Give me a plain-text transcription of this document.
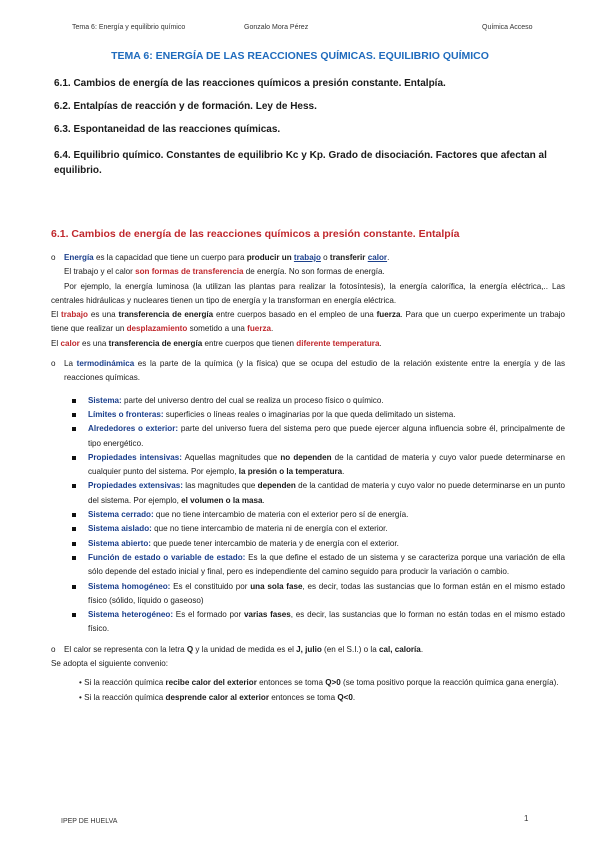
Tema 6: Energía y equilibrio químico	Gonzalo Mora Pérez	Química Acceso
TEMA 6: ENERGÍA DE LAS REACCIONES QUÍMICAS. EQUILIBRIO QUÍMICO
6.1. Cambios de energía de las reacciones químicos a presión constante. Entalpía.
6.2. Entalpías de reacción y de formación. Ley de Hess.
6.3. Espontaneidad de las reacciones químicas.
6.4. Equilibrio químico. Constantes de equilibrio Kc y Kp. Grado de disociación. Factores que afectan al equilibrio.
6.1. Cambios de energía de las reacciones químicos a presión constante. Entalpía

o Energía es la capacidad que tiene un cuerpo para producir un trabajo o transferir calor.

El trabajo y el calor son formas de transferencia de energía. No son formas de energía.

Por ejemplo, la energía luminosa (la utilizan las plantas para realizar la fotosíntesis), la energía calorífica, la energía eléctrica,.. Las centrales hidráulicas y nucleares tienen un tipo de energía y la transforman en energía eléctrica.

El trabajo es una transferencia de energía entre cuerpos basado en el empleo de una fuerza. Para que un cuerpo experimente un trabajo tiene que realizar un desplazamiento sometido a una fuerza.

El calor es una transferencia de energía entre cuerpos que tienen diferente temperatura.

o La termodinámica es la parte de la química (y la física) que se ocupa del estudio de la relación existente entre la energía y de las reacciones químicas.

Sistema: parte del universo dentro del cual se realiza un proceso físico o químico.
Límites o fronteras: superficies o líneas reales o imaginarias por la que queda delimitado un sistema.
Alrededores o exterior: parte del universo fuera del sistema pero que puede ejercer alguna influencia sobre él, principalmente de tipo energético.
Propiedades intensivas: Aquellas magnitudes que no dependen de la cantidad de materia y cuyo valor puede determinarse en cualquier punto del sistema. Por ejemplo, la presión o la temperatura.
Propiedades extensivas: las magnitudes que dependen de la cantidad de materia y cuyo valor no puede determinarse en un punto del sistema. Por ejemplo, el volumen o la masa.
Sistema cerrado: que no tiene intercambio de materia con el exterior pero sí de energía.
Sistema aislado: que no tiene intercambio de materia ni de energía con el exterior.
Sistema abierto: que puede tener intercambio de materia y de energía con el exterior.
Función de estado o variable de estado: Es la que define el estado de un sistema y se caracteriza porque una variación de ella sólo depende del estado inicial y final, pero es independiente del camino seguido para producir la variación o cambio.
Sistema homogéneo: Es el constituido por una sola fase, es decir, todas las sustancias que lo forman están en el mismo estado físico (sólido, líquido o gaseoso)
Sistema heterogéneo: Es el formado por varias fases, es decir, las sustancias que lo forman no están todas en el mismo estado físico.

o El calor se representa con la letra Q y la unidad de medida es el J, julio (en el S.I.) o la cal, caloría.

Se adopta el siguiente convenio:

• Si la reacción química recibe calor del exterior entonces se toma Q>0 (se toma positivo porque la reacción química gana energía).

• Si la reacción química desprende calor al exterior entonces se toma Q<0.

IPEP DE HUELVA	1
